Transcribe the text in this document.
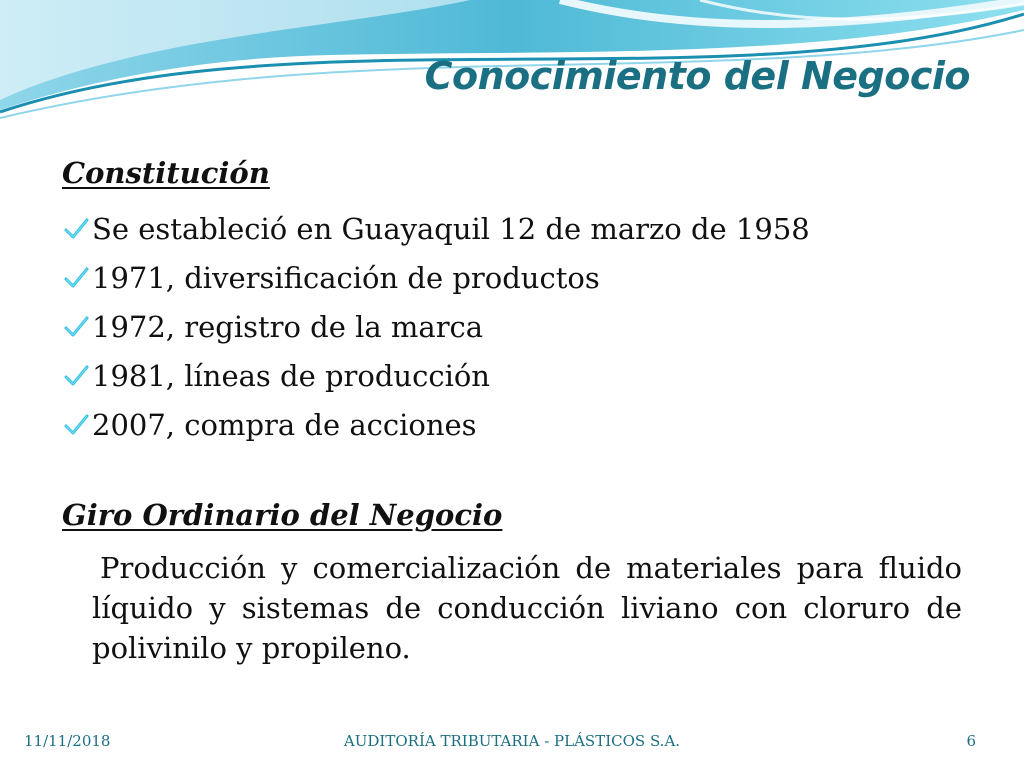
Conocimiento del Negocio
Constitución
Se estableció en Guayaquil 12 de marzo de 1958
1971, diversificación de productos
1972, registro de la marca
1981, líneas de producción
2007, compra de acciones
Giro Ordinario del Negocio
Producción y comercialización de materiales para fluido líquido y sistemas de conducción liviano con cloruro de polivinilo y propileno.
11/11/2018	AUDITORÍA TRIBUTARIA - PLÁSTICOS S.A.	6
